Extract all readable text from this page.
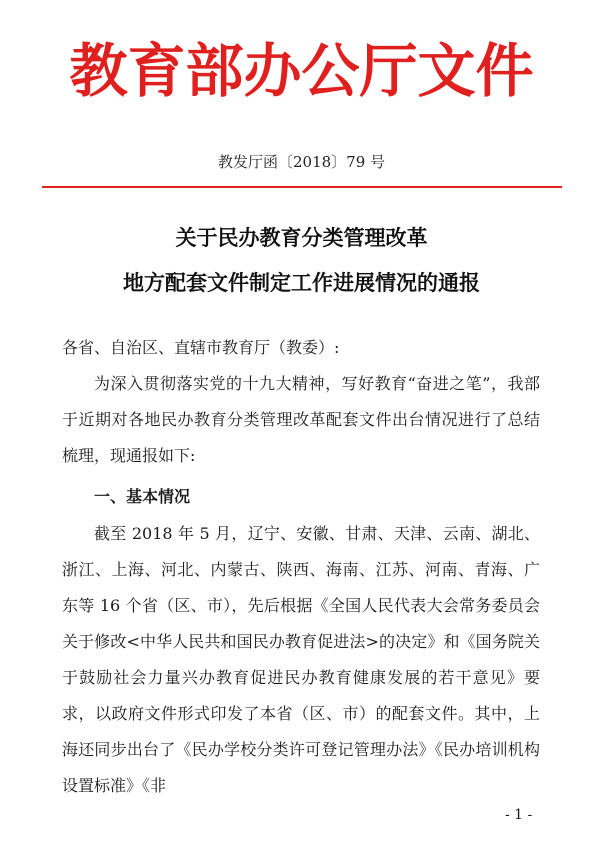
教育部办公厅文件
教发厅函〔2018〕79 号
关于民办教育分类管理改革
地方配套文件制定工作进展情况的通报
各省、自治区、直辖市教育厅（教委）:

为深入贯彻落实党的十九大精神，写好教育“奋进之笔”，我部于近期对各地民办教育分类管理改革配套文件出台情况进行了总结梳理，现通报如下:

一、基本情况

截至 2018 年 5 月，辽宁、安徽、甘肃、天津、云南、湖北、浙江、上海、河北、内蒙古、陕西、海南、江苏、河南、青海、广东等 16 个省（区、市），先后根据《全国人民代表大会常务委员会关于修改<中华人民共和国民办教育促进法>的决定》和《国务院关于鼓励社会力量兴办教育促进民办教育健康发展的若干意见》要求，以政府文件形式印发了本省（区、市）的配套文件。其中，上海还同步出台了《民办学校分类许可登记管理办法》《民办培训机构设置标准》《非

- 1 -
